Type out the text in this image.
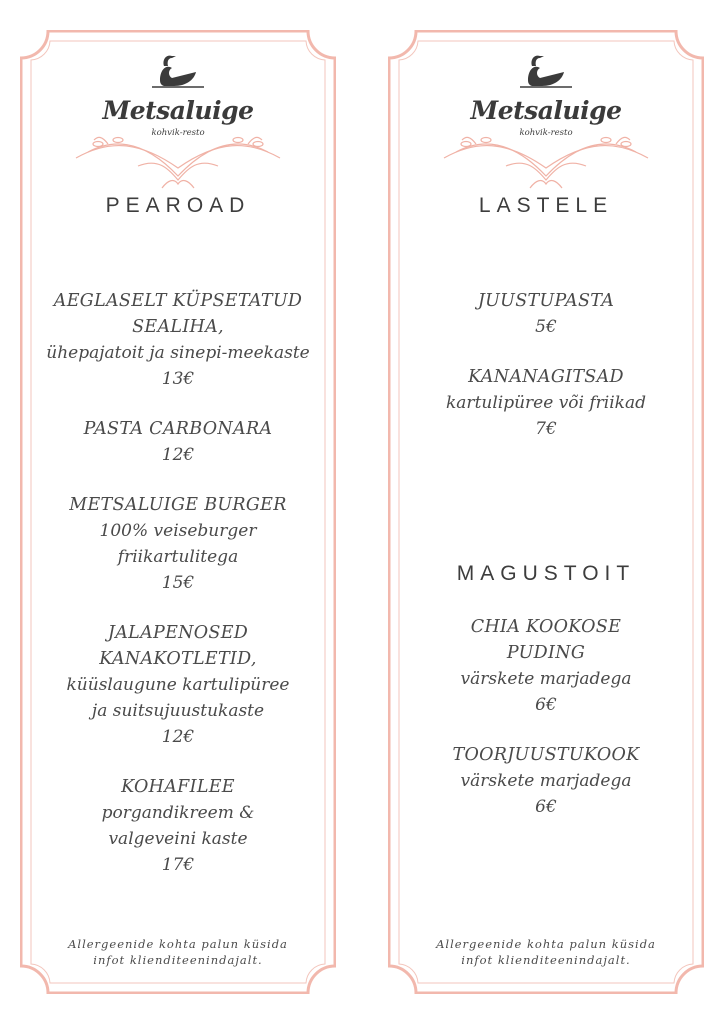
Metsaluige
kohvik-resto
PEAROAD
AEGLASELT KÜPSETATUD
SEALIHA,
ühepajatoit ja sinepi-meekaste
13€
PASTA CARBONARA
12€
METSALUIGE BURGER
100% veiseburger
friikartulitega
15€
JALAPENOSED
KANAKOTLETID,
küüslaugune kartulipüree
ja suitsujuustukaste
12€
KOHAFILEE
porgandikreem &
valgeveini kaste
17€
Allergeenide kohta palun küsida
infot klienditeenindajalt.
Metsaluige
kohvik-resto
LASTELE
JUUSTUPASTA
5€
KANANAGITSAD
kartulipüree või friikad
7€
MAGUSTOIT
CHIA KOOKOSE
PUDING
värskete marjadega
6€
TOORJUUSTUKOOK
värskete marjadega
6€
Allergeenide kohta palun küsida
infot klienditeenindajalt.
